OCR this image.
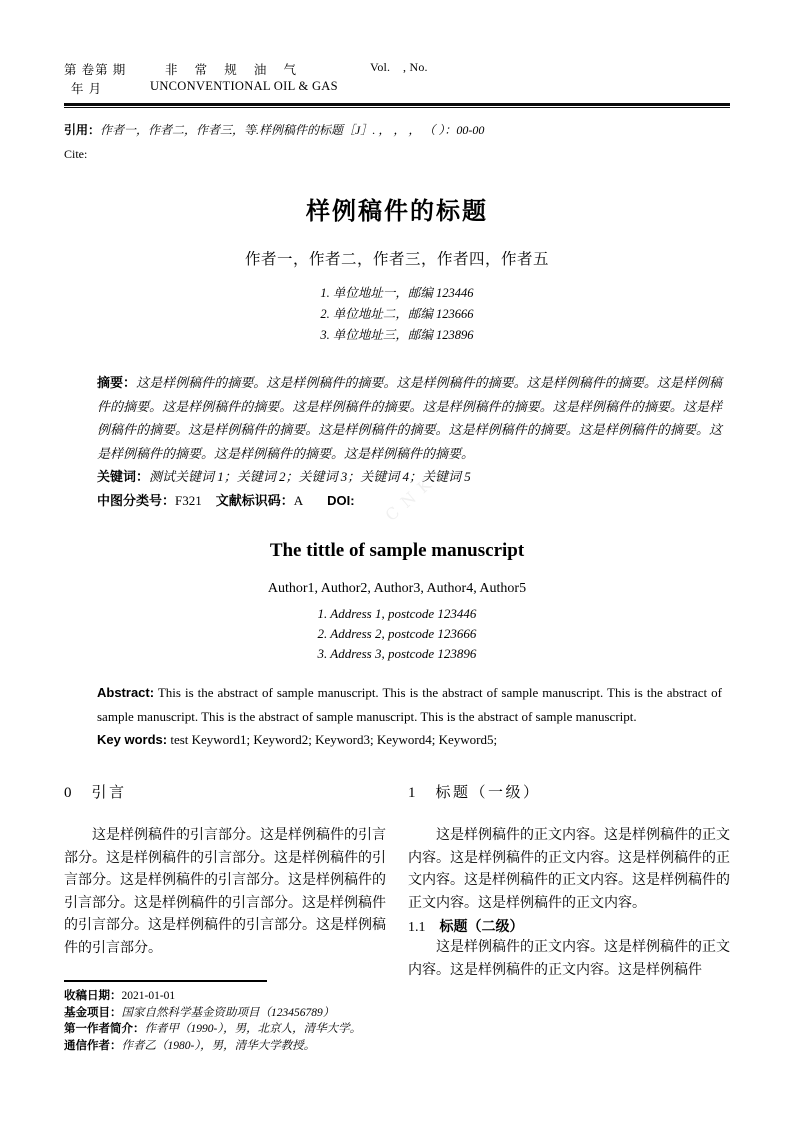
CNKI
第 卷第 期	非 常 规 油 气	Vol.    , No.
年 月	UNCONVENTIONAL OIL & GAS
引用：作者一，作者二，作者三，等.样例稿件的标题［J］. ， ， ， （ ）：00-00
Cite:
样例稿件的标题
作者一，作者二，作者三，作者四，作者五
1. 单位地址一，邮编 123446
2. 单位地址二，邮编 123666
3. 单位地址三，邮编 123896
摘要：这是样例稿件的摘要。这是样例稿件的摘要。这是样例稿件的摘要。这是样例稿件的摘要。这是样例稿件的摘要。这是样例稿件的摘要。这是样例稿件的摘要。这是样例稿件的摘要。这是样例稿件的摘要。这是样例稿件的摘要。这是样例稿件的摘要。这是样例稿件的摘要。这是样例稿件的摘要。这是样例稿件的摘要。这是样例稿件的摘要。这是样例稿件的摘要。这是样例稿件的摘要。
关键词：测试关键词 1；关键词 2；关键词 3；关键词 4；关键词 5
中图分类号：F321 文献标识码：A DOI:
The tittle of sample manuscript
Author1, Author2, Author3, Author4, Author5
1. Address 1, postcode 123446
2. Address 2, postcode 123666
3. Address 3, postcode 123896
Abstract: This is the abstract of sample manuscript. This is the abstract of sample manuscript. This is the abstract of sample manuscript. This is the abstract of sample manuscript. This is the abstract of sample manuscript.
Key words: test Keyword1; Keyword2; Keyword3; Keyword4; Keyword5;
0　引言

这是样例稿件的引言部分。这是样例稿件的引言部分。这是样例稿件的引言部分。这是样例稿件的引言部分。这是样例稿件的引言部分。这是样例稿件的引言部分。这是样例稿件的引言部分。这是样例稿件的引言部分。这是样例稿件的引言部分。这是样例稿件的引言部分。

1　标题（一级）

这是样例稿件的正文内容。这是样例稿件的正文内容。这是样例稿件的正文内容。这是样例稿件的正文内容。这是样例稿件的正文内容。这是样例稿件的正文内容。这是样例稿件的正文内容。

1.1　标题（二级）

这是样例稿件的正文内容。这是样例稿件的正文内容。这是样例稿件的正文内容。这是样例稿件

收稿日期：2021-01-01
基金项目：国家自然科学基金资助项目（123456789）
第一作者简介：作者甲（1990-），男，北京人，清华大学。
通信作者：作者乙（1980-），男，清华大学教授。
